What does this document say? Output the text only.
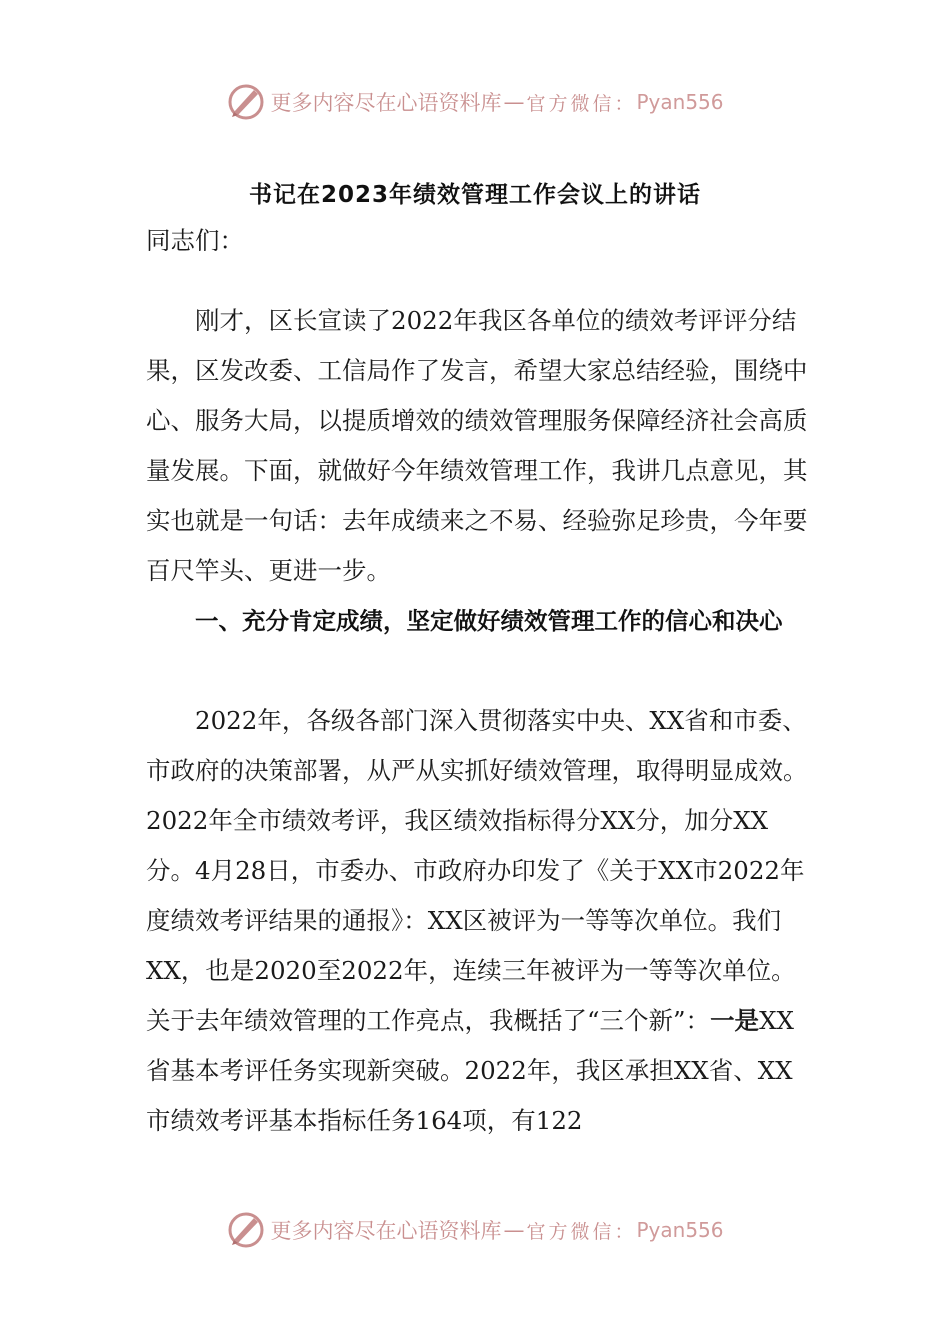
更多内容尽在心语资料库 — 官方微信： Pyan556
书记在2023年绩效管理工作会议上的讲话

同志们：

刚才，区长宣读了2022年我区各单位的绩效考评评分结果，区发改委、工信局作了发言，希望大家总结经验，围绕中心、服务大局，以提质增效的绩效管理服务保障经济社会高质量发展。下面，就做好今年绩效管理工作，我讲几点意见，其实也就是一句话：去年成绩来之不易、经验弥足珍贵，今年要百尺竿头、更进一步。

一、充分肯定成绩，坚定做好绩效管理工作的信心和决心

2022年，各级各部门深入贯彻落实中央、XX省和市委、市政府的决策部署，从严从实抓好绩效管理，取得明显成效。2022年全市绩效考评，我区绩效指标得分XX分，加分XX分。4月28日，市委办、市政府办印发了《关于XX市2022年度绩效考评结果的通报》：XX区被评为一等等次单位。我们XX，也是2020至2022年，连续三年被评为一等等次单位。关于去年绩效管理的工作亮点，我概括了“三个新”：一是XX省基本考评任务实现新突破。2022年，我区承担XX省、XX市绩效考评基本指标任务164项，有122

更多内容尽在心语资料库 — 官方微信： Pyan556
